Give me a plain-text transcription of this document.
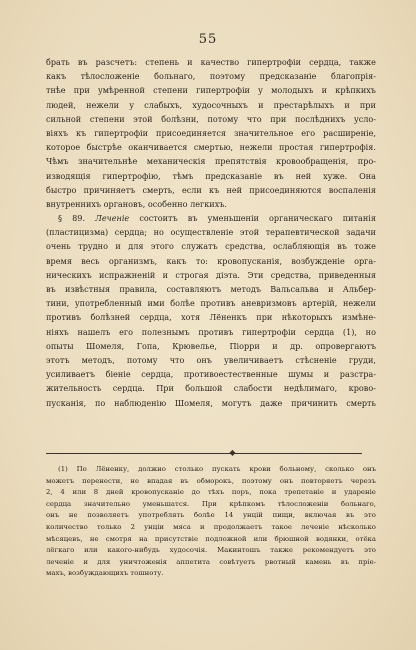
55
брать въ разсчетъ: степень и качество гипертрофіи сердца, также
какъ тѣлосложеніе больнаго, поэтому предсказаніе благопрія-
тнѣе при умѣренной степени гипертрофіи у молодыхъ и крѣпкихъ
людей, нежели у слабыхъ, худосочныхъ и престарѣлыхъ и при
сильной степени этой болѣзни, потому что при послѣднихъ усло-
віяхъ къ гипертрофіи присоединяется значительное его расширеніе,
которое быстрѣе оканчивается смертью, нежели простая гипертрофія.
Чѣмъ значительнѣе механическія препятствія кровообращенія, про-
изводящія гипертрофію, тѣмъ предсказаніе въ ней хуже. Она
быстро причиняетъ смерть, если къ ней присоединяются воспаленія
внутреннихъ
органовъ,
особенно
легкихъ.
§ 89. Леченіе состоитъ въ уменьшеніи органическаго питанія
(пластицизма) сердца; но осуществленіе этой терапевтической задачи
очень трудно и для этого служатъ средства, ослабляющія въ тоже
время весь организмъ, какъ то: кровопусканія, возбужденіе орга-
ническихъ испражненій и строгая діэта. Эти средства, приведенныя
въ извѣстныя правила, составляютъ методъ Вальсальва и Альбер-
тини, употребленный ими болѣе противъ аневризмовъ артерій, нежели
противъ болѣзней сердца, хотя Лёненкъ при нѣкоторыхъ измѣне-
ніяхъ нашелъ его полезнымъ противъ гипертрофіи сердца (1), но
опыты Шомеля, Гопа, Крювелье, Піорри и др. опровергаютъ
этотъ методъ, потому что онъ увеличиваетъ стѣсненіе груди,
усиливаетъ біеніе сердца, противоестественные шумы и разстра-
жительность сердца. При большой слабости недѣлимаго, крово-
пусканія, по наблюденію Шомеля, могутъ даже причинить смерть
(1) По Лёненку, должно столько пускать крови больному, сколько онъ
можетъ перенести, не впадая въ обморокъ, поэтому онъ повторяетъ черезъ
2, 4 или 8 дней кровопусканіе до тѣхъ поръ, пока трепетаніе и удареніе
сердца значительно уменьшатся. При крѣпкомъ тѣлосложеніи больнаго,
онъ не позволяетъ употреблять болѣе 14 унцій пищи, включая въ это
количество только 2 унціи мяса и продолжаетъ такое леченіе нѣсколько
мѣсяцевъ, не смотря на присутствіе подложной или брюшной водянки, отёка
лёгкаго или какого-нибудь худосочія. Макинтошъ также рекомендуетъ это
леченіе и для уничтоженія аппетита совѣтуетъ рвотный камень въ пріе-
махъ,
возбуждающихъ
тошноту.
